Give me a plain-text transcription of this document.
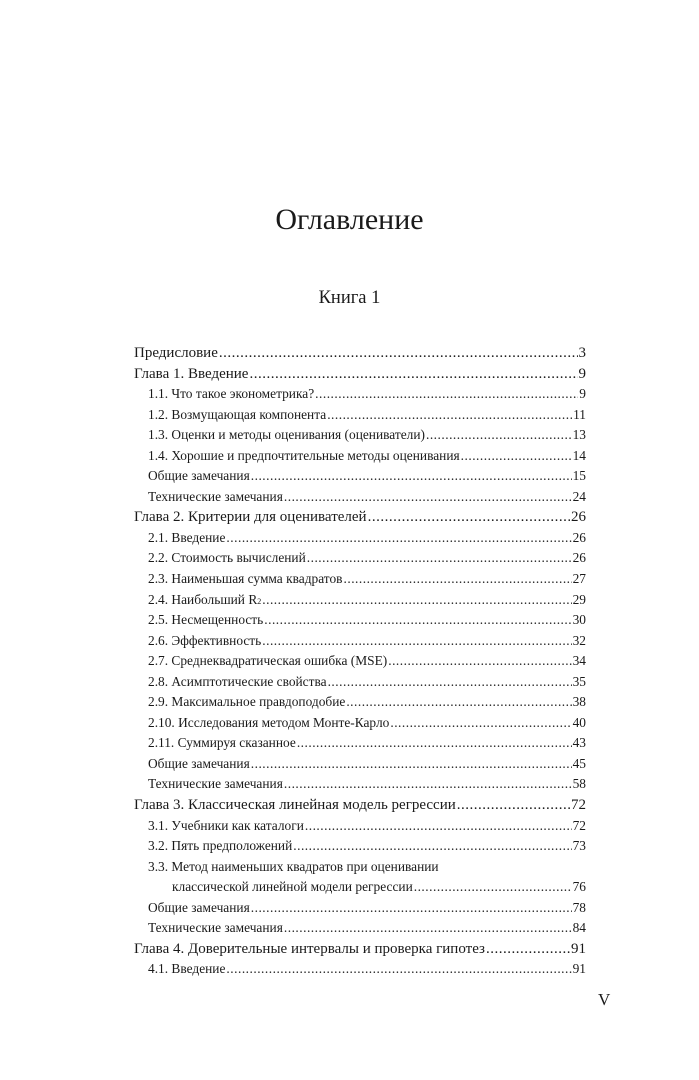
Оглавление
Книга 1
Предисловие .....	3
Глава 1. Введение .....	9
1.1. Что такое эконометрика? .....	9
1.2. Возмущающая компонента .....	11
1.3. Оценки и методы оценивания (оцениватели) .....	13
1.4. Хорошие и предпочтительные методы оценивания .....	14
Общие замечания .....	15
Технические замечания .....	24
Глава 2. Критерии для оценивателей .....	26
2.1. Введение .....	26
2.2. Стоимость вычислений .....	26
2.3. Наименьшая сумма квадратов .....	27
2.4. Наибольший R 2 .....	29
2.5. Несмещенность .....	30
2.6. Эффективность .....	32
2.7. Среднеквадратическая ошибка (MSE) .....	34
2.8. Асимптотические свойства .....	35
2.9. Максимальное правдоподобие .....	38
2.10. Исследования методом Монте-Карло .....	40
2.11. Суммируя сказанное .....	43
Общие замечания .....	45
Технические замечания .....	58
Глава 3. Классическая линейная модель регрессии .....	72
3.1. Учебники как каталоги .....	72
3.2. Пять предположений .....	73
3.3. Метод наименьших квадратов при оценивании
классической линейной модели регрессии .....	76
Общие замечания .....	78
Технические замечания .....	84
Глава 4. Доверительные интервалы и проверка гипотез .....	91
4.1. Введение .....	91
V
